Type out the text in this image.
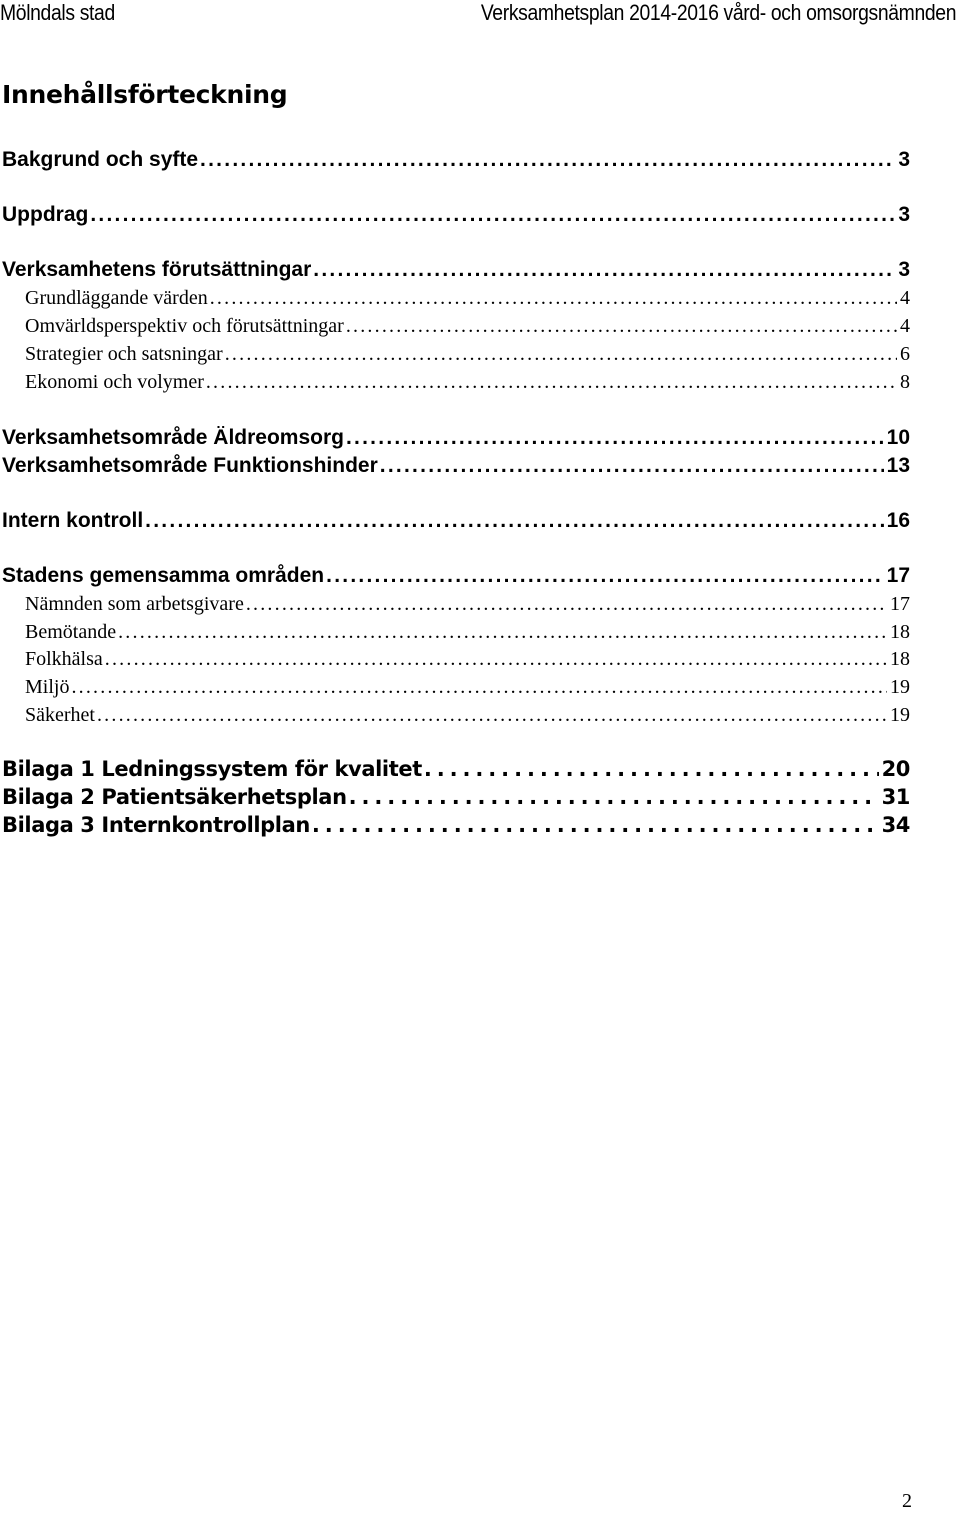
Mölndals stad	Verksamhetsplan 2014-2016 vård- och omsorgsnämnden
Innehållsförteckning
Bakgrund och syfte . . .	3
Uppdrag . . .	3
Verksamhetens förutsättningar . . .	3
Grundläggande värden . . .	4
Omvärldsperspektiv och förutsättningar . . .	4
Strategier och satsningar . . .	6
Ekonomi och volymer . . .	8
Verksamhetsområde Äldreomsorg . . .	10
Verksamhetsområde Funktionshinder . . .	13
Intern kontroll . . .	16
Stadens gemensamma områden . . .	17
Nämnden som arbetsgivare . . .	17
Bemötande . . .	18
Folkhälsa . . .	18
Miljö . . .	19
Säkerhet . . .	19
Bilaga 1 Ledningssystem för kvalitet . . .	20
Bilaga 2 Patientsäkerhetsplan . . .	31
Bilaga 3 Internkontrollplan . . .	34
2
